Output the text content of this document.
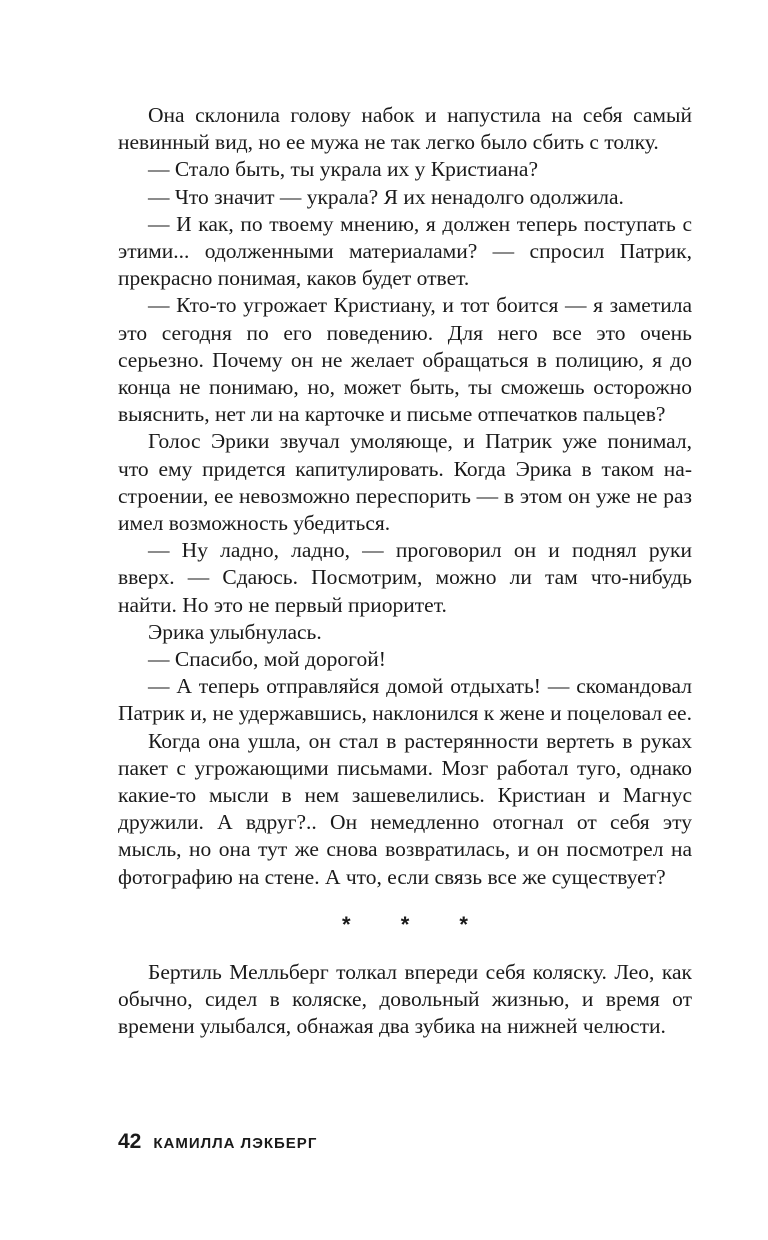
Она склонила голову набок и напустила на себя самый невинный вид, но ее мужа не так легко было сбить с толку.

— Стало быть, ты украла их у Кристиана?

— Что значит — украла? Я их ненадолго одолжила.

— И как, по твоему мнению, я должен теперь поступать с этими... одолженными материалами? — спросил Патрик, прекрасно понимая, каков будет ответ.

— Кто-то угрожает Кристиану, и тот боится — я заметила это сегодня по его поведению. Для него все это очень серьезно. Почему он не желает обращаться в полицию, я до конца не понимаю, но, может быть, ты сможешь осторожно выяснить, нет ли на карточке и письме отпечатков пальцев?

Голос Эрики звучал умоляюще, и Патрик уже понимал, что ему придется капитулировать. Когда Эрика в таком настроении, ее невозможно переспорить — в этом он уже не раз имел возможность убедиться.

— Ну ладно, ладно, — проговорил он и поднял руки вверх. — Сдаюсь. Посмотрим, можно ли там что-нибудь найти. Но это не первый приоритет.

Эрика улыбнулась.

— Спасибо, мой дорогой!

— А теперь отправляйся домой отдыхать! — скомандовал Патрик и, не удержавшись, наклонился к жене и поцеловал ее.

Когда она ушла, он стал в растерянности вертеть в руках пакет с угрожающими письмами. Мозг работал туго, однако какие-то мысли в нем зашевелились. Кристиан и Магнус дружили. А вдруг?.. Он немедленно отогнал от себя эту мысль, но она тут же снова возвратилась, и он посмотрел на фотографию на стене. А что, если связь все же существует?

* * *

Бертиль Мелльберг толкал впереди себя коляску. Лео, как обычно, сидел в коляске, довольный жизнью, и время от времени улыбался, обнажая два зубика на нижней челюсти.

42 КАМИЛЛА ЛЭКБЕРГ
